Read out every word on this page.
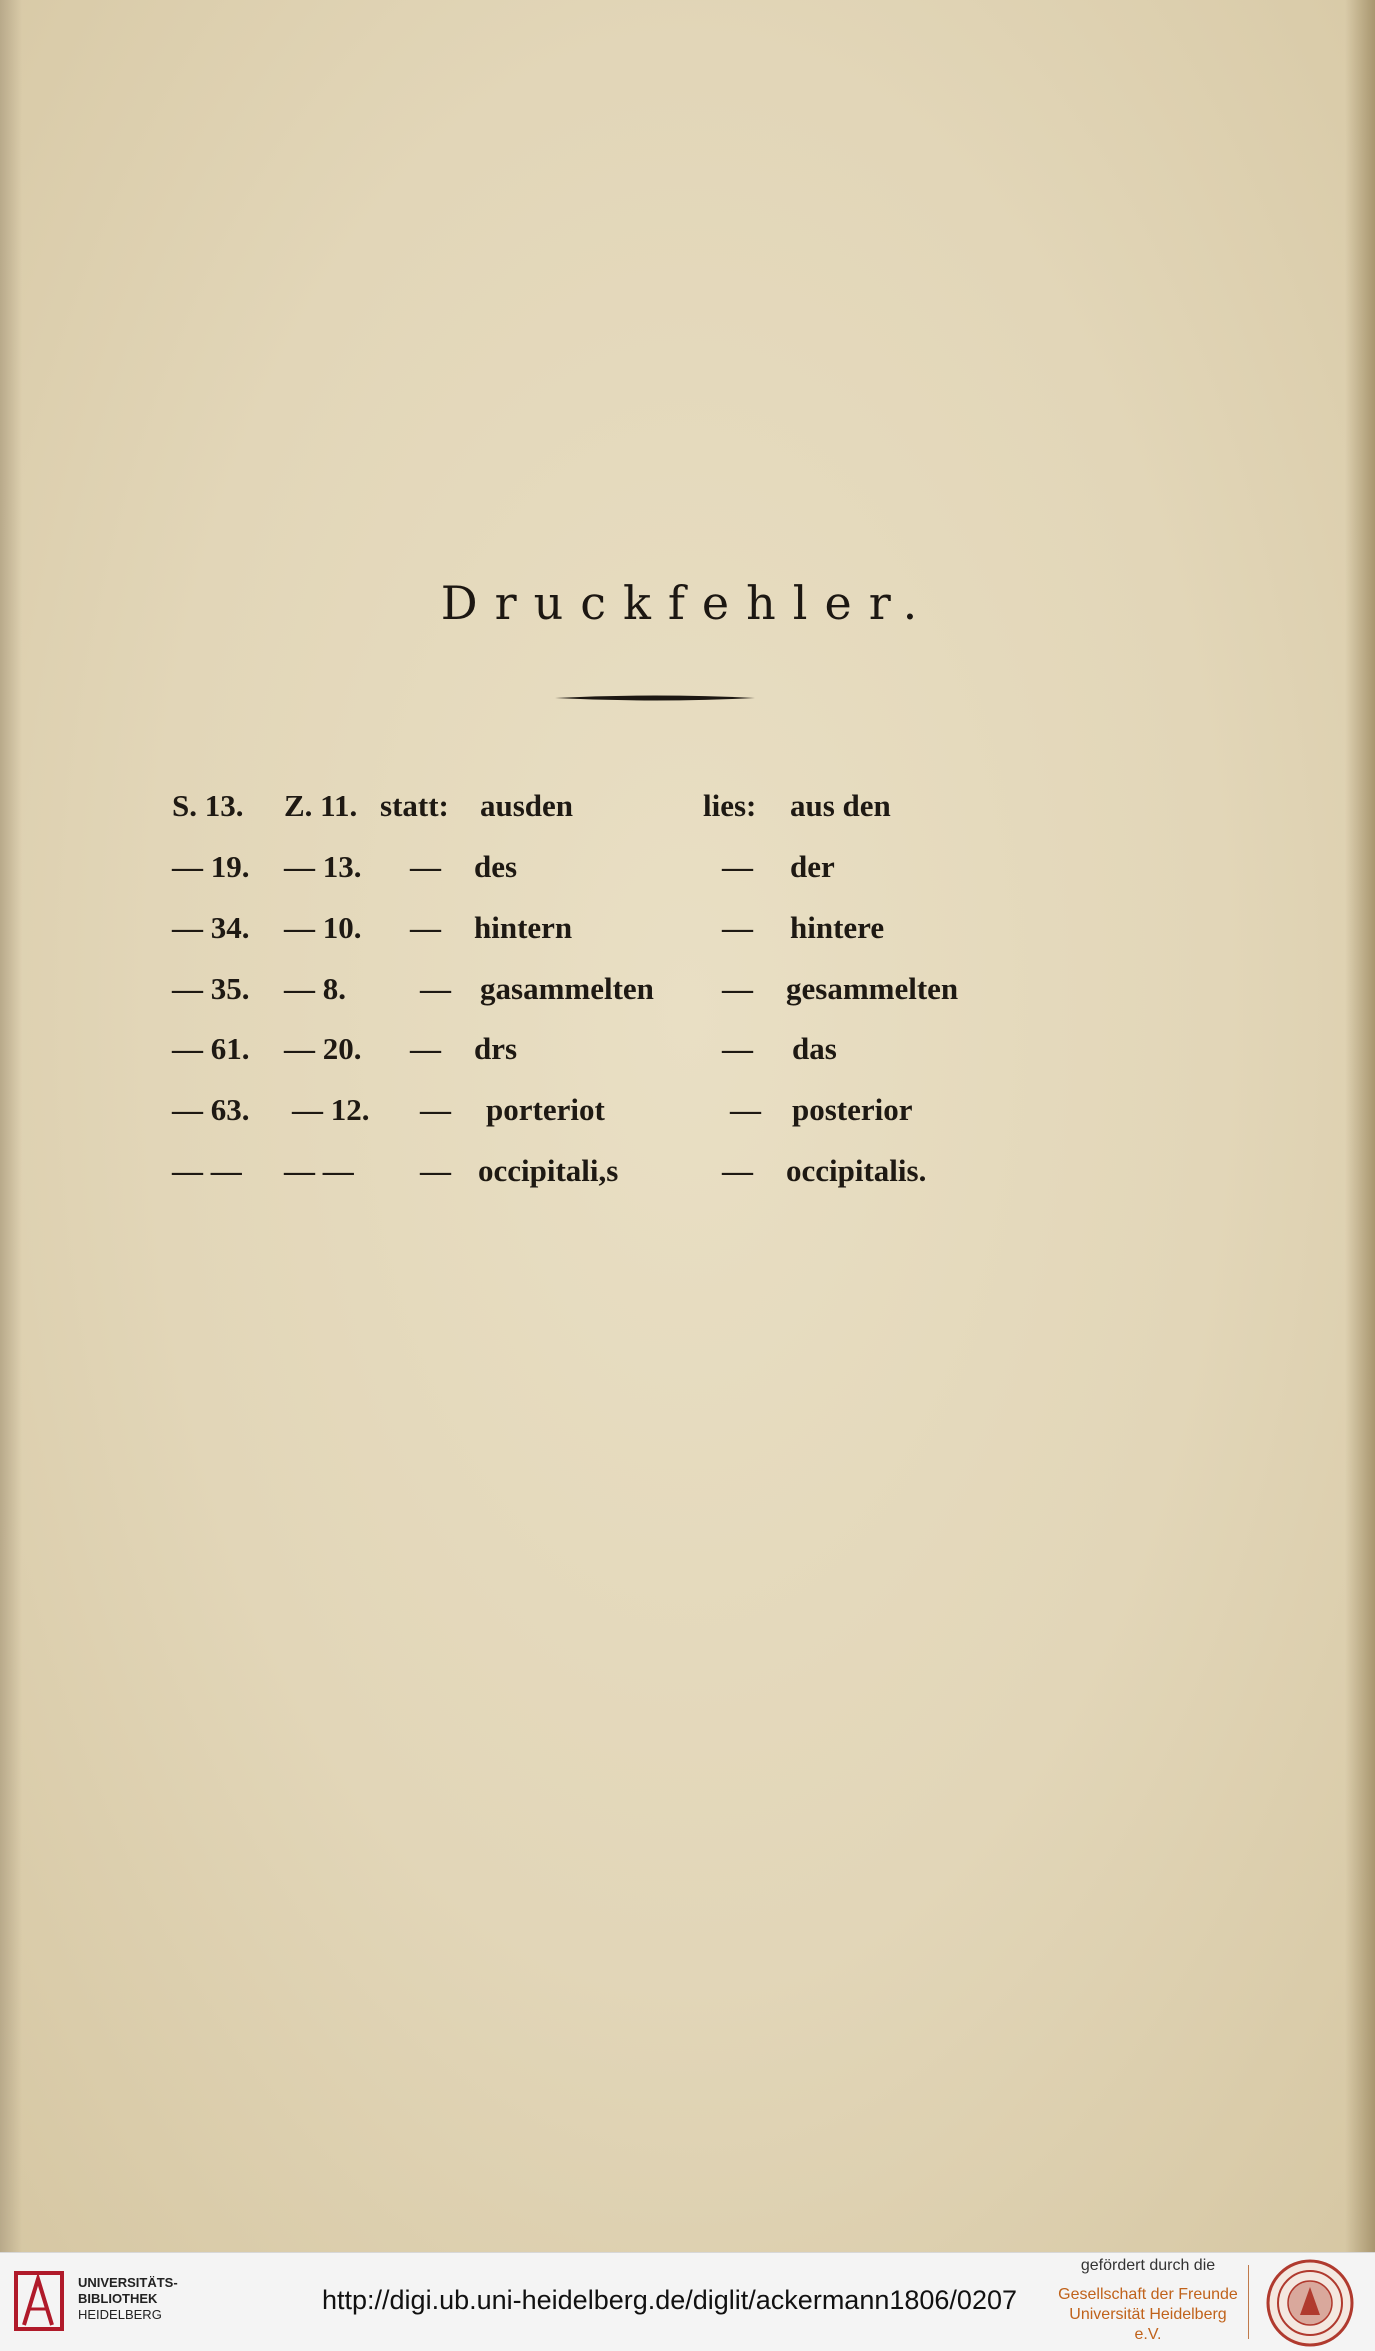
Druckfehler.
S. 13. Z. 11. statt: ausden	lies: aus den
— 19. — 13. — des	— der
— 34. — 10. — hintern	— hintere
— 35. — 8. — gasammelten — gesammelten
— 61. — 20. — drs	— das
— 63. — 12. — porteriot	— posterior
— — — — — occipitali,s	— occipitalis.
UNIVERSITÄTS-
BIBLIOTHEK
HEIDELBERG	http://digi.ub.uni-heidelberg.de/diglit/ackermann1806/0207
gefördert durch die
Gesellschaft der Freunde
Universität Heidelberg e.V.
